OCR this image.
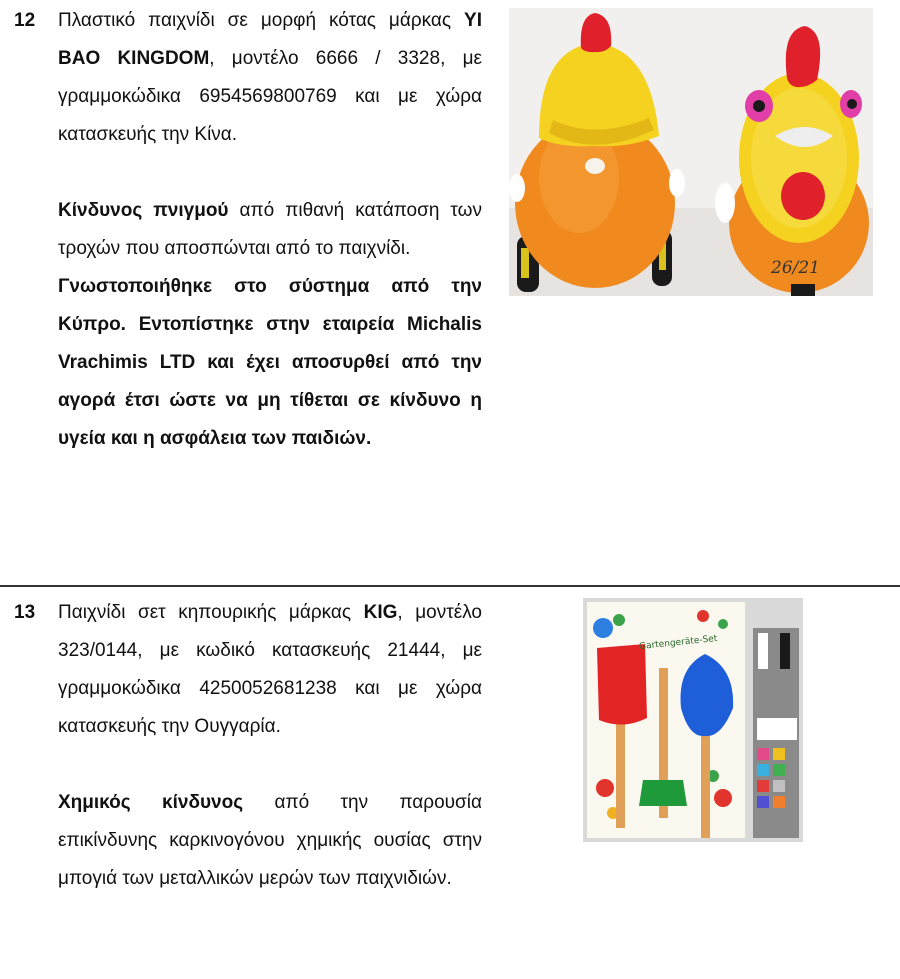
12 Πλαστικό παιχνίδι σε μορφή κότας μάρκας YI BAO KINGDOM, μοντέλο 6666 / 3328, με γραμμοκώδικα 6954569800769 και με χώρα κατασκευής την Κίνα.

Κίνδυνος πνιγμού από πιθανή κατάποση των τροχών που αποσπώνται από το παιχνίδι.

Γνωστοποιήθηκε στο σύστημα από την Κύπρο. Εντοπίστηκε στην εταιρεία Michalis Vrachimis LTD και έχει αποσυρθεί από την αγορά έτσι ώστε να μη τίθεται σε κίνδυνο η υγεία και η ασφάλεια των παιδιών.

26/21
13 Παιχνίδι σετ κηπουρικής μάρκας KIG, μοντέλο 323/0144, με κωδικό κατασκευής 21444, με γραμμοκώδικα 4250052681238 και με χώρα κατασκευής την Ουγγαρία.

Χημικός κίνδυνος από την παρουσία επικίνδυνης καρκινογόνου χημικής ουσίας στην μπογιά των μεταλλικών μερών των παιχνιδιών.

Gartengeräte-Set
